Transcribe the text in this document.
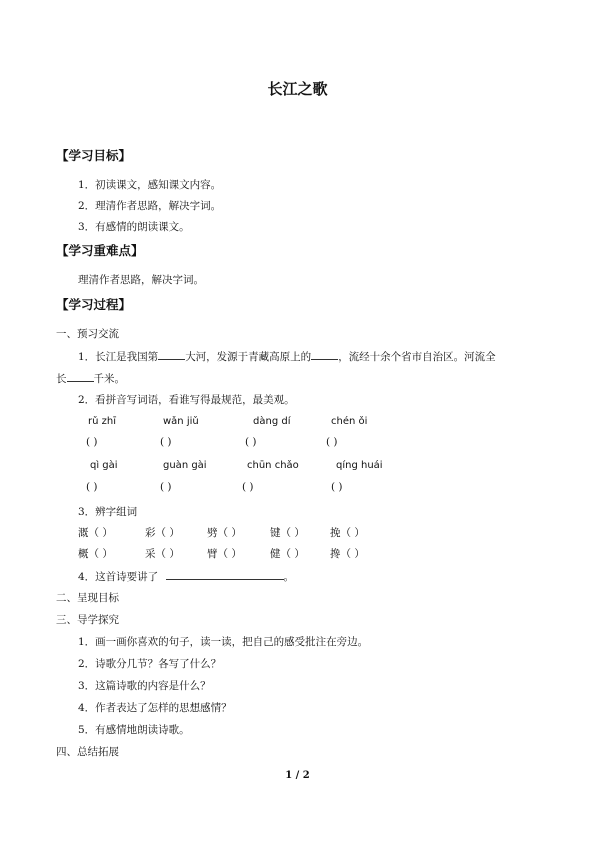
长江之歌
【学习目标】
1．初读课文，感知课文内容。
2．理清作者思路，解决字词。
3．有感情的朗读课文。
【学习重难点】
理清作者思路，解决字词。
【学习过程】
一、预习交流
1．长江是我国第	大河，发源于青藏高原上的	，流经十余个省市自治区。河流全
长	千米。
2．看拼音写词语，看谁写得最规范，最美观。
rǔ zhī	wǎn jiǔ	dàng dí	chén ǒi
( )	( )	( )	( )
qì gài	guàn gài	chūn chǎo	qíng huái
( )	( )	( )	( )
3．辨字组词
溉（ ）	彩（ ）	劈（ ）	键（ ） 挽（ ）
概（ ）	采（ ）	臂（ ）	健（ ） 搀（ ）
4．这首诗要讲了	。
二、呈现目标
三、导学探究
1．画一画你喜欢的句子，读一读，把自己的感受批注在旁边。
2．诗歌分几节？各写了什么？
3．这篇诗歌的内容是什么？
4．作者表达了怎样的思想感情？
5．有感情地朗读诗歌。
四、总结拓展
1 / 2
